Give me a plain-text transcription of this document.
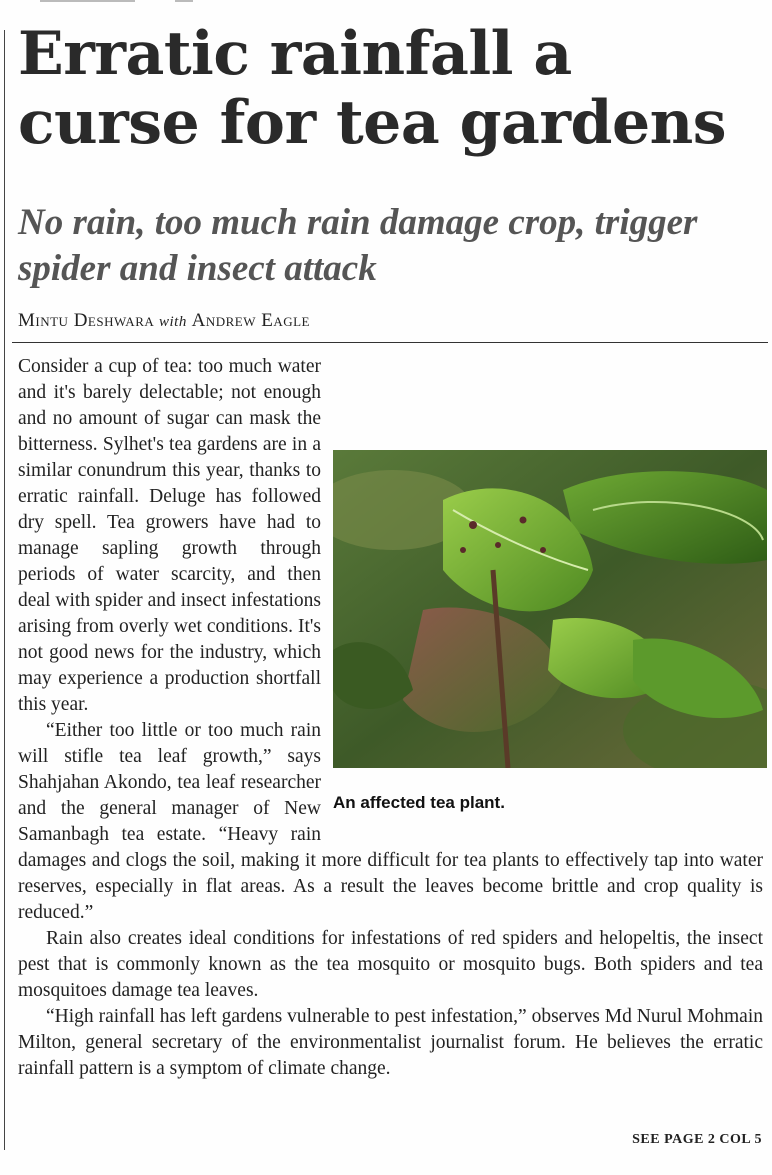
Erratic rainfall a curse for tea gardens
No rain, too much rain damage crop, trigger spider and insect attack
Mintu Deshwara with Andrew Eagle
An affected tea plant.

Consider a cup of tea: too much water and it's barely delectable; not enough and no amount of sugar can mask the bitterness. Sylhet's tea gardens are in a similar conundrum this year, thanks to erratic rainfall. Deluge has followed dry spell. Tea growers have had to manage sapling growth through periods of water scarcity, and then deal with spider and insect infestations arising from overly wet conditions. It's not good news for the industry, which may experience a production shortfall this year.

“Either too little or too much rain will stifle tea leaf growth,” says Shahjahan Akondo, tea leaf researcher and the general manager of New Samanbagh tea estate. “Heavy rain damages and clogs the soil, making it more difficult for tea plants to effectively tap into water reserves, especially in flat areas. As a result the leaves become brittle and crop quality is reduced.”

Rain also creates ideal conditions for infestations of red spiders and helopeltis, the insect pest that is commonly known as the tea mosquito or mosquito bugs. Both spiders and tea mosquitoes damage tea leaves.

“High rainfall has left gardens vulnerable to pest infestation,” observes Md Nurul Mohmain Milton, general secretary of the environmentalist journalist forum. He believes the erratic rainfall pattern is a symptom of climate change.

SEE PAGE 2 COL 5
